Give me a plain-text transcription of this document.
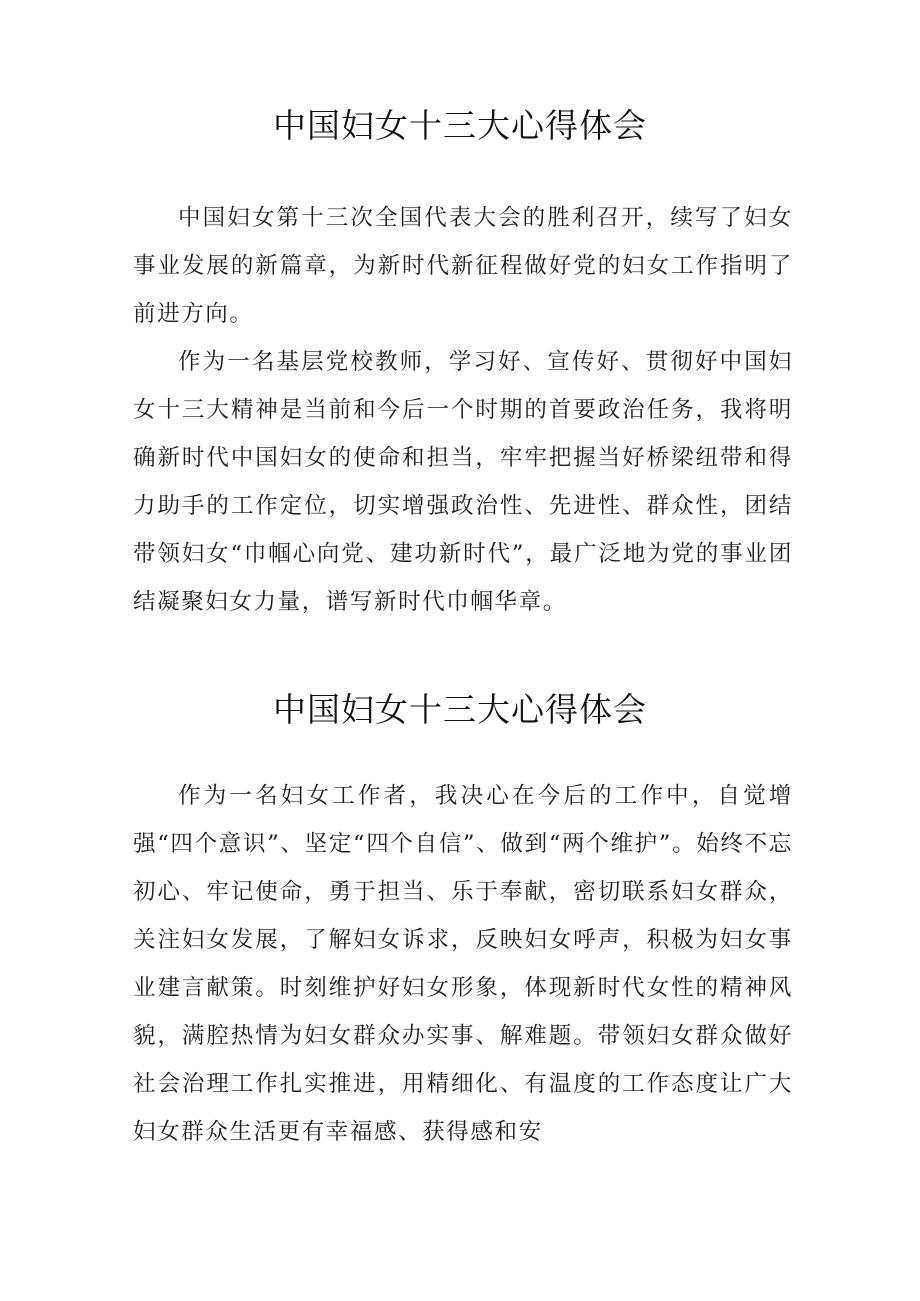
中国妇女十三大心得体会

中国妇女第十三次全国代表大会的胜利召开，续写了妇女事业发展的新篇章，为新时代新征程做好党的妇女工作指明了前进方向。

作为一名基层党校教师，学习好、宣传好、贯彻好中国妇女十三大精神是当前和今后一个时期的首要政治任务，我将明确新时代中国妇女的使命和担当，牢牢把握当好桥梁纽带和得力助手的工作定位，切实增强政治性、先进性、群众性，团结带领妇女“巾帼心向党、建功新时代”，最广泛地为党的事业团结凝聚妇女力量，谱写新时代巾帼华章。

中国妇女十三大心得体会

作为一名妇女工作者，我决心在今后的工作中，自觉增强“四个意识”、坚定“四个自信”、做到“两个维护”。始终不忘初心、牢记使命，勇于担当、乐于奉献，密切联系妇女群众，关注妇女发展，了解妇女诉求，反映妇女呼声，积极为妇女事业建言献策。时刻维护好妇女形象，体现新时代女性的精神风貌，满腔热情为妇女群众办实事、解难题。带领妇女群众做好社会治理工作扎实推进，用精细化、有温度的工作态度让广大妇女群众生活更有幸福感、获得感和安
